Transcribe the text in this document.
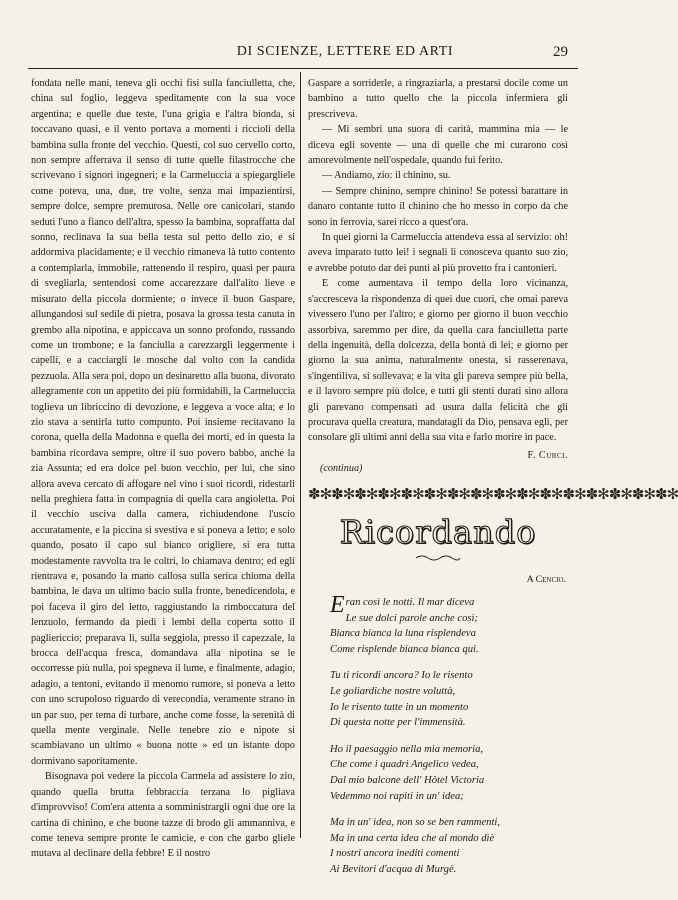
DI SCIENZE, LETTERE ED ARTI	29

fondata nelle mani, teneva gli occhi fisi sulla fanciulletta, che, china sul foglio, leggeva speditamente con la sua voce argentina; e quelle due teste, l'una grigia e l'altra bionda, si toccavano quasi, e il vento portava a momenti i riccioli della bambina sulla fronte del vecchio. Questi, col suo cervello corto, non sempre afferrava il senso di tutte quelle filastrocche che scrivevano i signori ingegneri; e la Carmeluccia a spiegargliele come poteva, una, due, tre volte, senza mai impazientirsi, sempre dolce, sempre premurosa. Nelle ore canicolari, stando seduti l'uno a fianco dell'altra, spesso la bambina, sopraffatta dal sonno, reclinava la sua bella testa sul petto dello zio, e si addormiva placidamente; e il vecchio rimaneva là tutto contento a contemplarla, immobile, rattenendo il respiro, quasi per paura di svegliarla, sentendosi come accarezzare dall'alito lieve e misurato della piccola dormiente; o invece il buon Gaspare, allungandosi sul sedile di pietra, posava la grossa testa canuta in grembo alla nipotina, e appiccava un sonno profondo, russando come un trombone; e la fanciulla a carezzargli leggermente i capelli, e a cacciargli le mosche dal volto con la candida pezzuola. Alla sera poi, dopo un desinaretto alla buona, divorato allegramente con un appetito dei più formidabili, la Carmeluccia toglieva un libriccino di devozione, e leggeva a voce alta; e lo zio stava a sentirla tutto compunto. Poi insieme recitavano la corona, quella della Madonna e quella dei morti, ed in questa la bambina ricordava sempre, oltre il suo povero babbo, anche la zia Assunta; ed era dolce pel buon vecchio, per lui, che sino allora aveva cercato di affogare nel vino i suoi ricordi, ridestarli nella preghiera fatta in compagnia di quella cara angioletta. Poi il vecchio usciva dalla camera, richiudendone l'uscio accuratamente, e la piccina si svestiva e si poneva a letto; e solo quando, posato il capo sul bianco origliere, si era tutta modestamente ravvolta tra le coltri, lo chiamava dentro; ed egli rientrava e, posando la mano callosa sulla serica chioma della bambina, le dava un ultimo bacio sulla fronte, benedicendola, e poi faceva il giro del letto, raggiustando la rimboccatura del lenzuolo, fermando da piedi i lembi della coperta sotto il pagliericcio; preparava lì, sulla seggiola, presso il capezzale, la brocca dell'acqua fresca, domandava alla nipotina se le occorresse più nulla, poi spegneva il lume, e finalmente, adagio, adagio, a tentoni, evitando il menomo rumore, si poneva a letto con uno scrupoloso riguardo di verecondia, veramente strano in un par suo, per tema di turbare, anche come fosse, la serenità di quella mente verginale. Nelle tenebre zio e nipote si scambiavano un ultimo « buona notte » ed un istante dopo dormivano saporitamente.

Bisognava poi vedere la piccola Carmela ad assistere lo zio, quando quella brutta febbraccia terzana lo pigliava d'improvviso! Com'era attenta a somministrargli ogni due ore la cartina di chinino, e che buone tazze di brodo gli ammanniva, e come teneva sempre pronte le camicie, e con che garbo gliele mutava al declinare della febbre! E il nostro

Gaspare a sorriderle, a ringraziarla, a prestarsi docile come un bambino a tutto quello che la piccola infermiera gli prescriveva.

— Mi sembri una suora di carità, mammina mia — le diceva egli sovente — una di quelle che mi curarono così amorevolmente nell'ospedale, quando fui ferito.

— Andiamo, zio: il chinino, su.

— Sempre chinino, sempre chinino! Se potessi barattare in danaro contante tutto il chinino che ho messo in corpo da che sono in ferrovia, sarei ricco a quest'ora.

In quei giorni la Carmeluccia attendeva essa al servizio: oh! aveva imparato tutto lei! i segnali li conosceva quanto suo zio, e avrebbe potuto dar dei punti al più provetto fra i cantonieri.

E come aumentava il tempo della loro vicinanza, s'accresceva la rispondenza di quei due cuori, che omai pareva vivessero l'uno per l'altro; e giorno per giorno il buon vecchio assorbiva, saremmo per dire, da quella cara fanciulletta parte della ingenuità, della dolcezza, della bontà di lei; e giorno per giorno la sua anima, naturalmente onesta, si rasserenava, s'ingentiliva, si sollevava; e la vita gli pareva sempre più bella, e il lavoro sempre più dolce, e tutti gli stenti durati sino allora gli parevano compensati ad usura dalla felicità che gli procurava quella creatura, mandatagli da Dio, pensava egli, per consolare gli ultimi anni della sua vita e farlo morire in pace.

F. Curci.
(continua)
✽✻✽✻✽✻✽✻✽✻✽✻✽✻✽✻✽✻✽✻✽✻✽✻✽✻✽✻✽✻✽✻
Ricordando
A Cencio.
E ran così le notti. Il mar diceva
Le sue dolci parole anche così;
Bianca bianca la luna risplendeva
Come risplende bianca bianca qui.
Tu ti ricordi ancora? Io le risento
Le goliardiche nostre voluttà,
Io le risento tutte in un momento
Di questa notte per l'immensità.
Ho il paesaggio nella mia memoria,
Che come i quadri Angelico vedea,
Dal mio balcone dell' Hôtel Victoria
Vedemmo noi rapiti in un' idea;
Ma in un' idea, non so se ben rammenti,
Ma in una certa idea che al mondo dìè
I nostri ancora inediti comenti
Ai Bevitori d'acqua di Murgè.
